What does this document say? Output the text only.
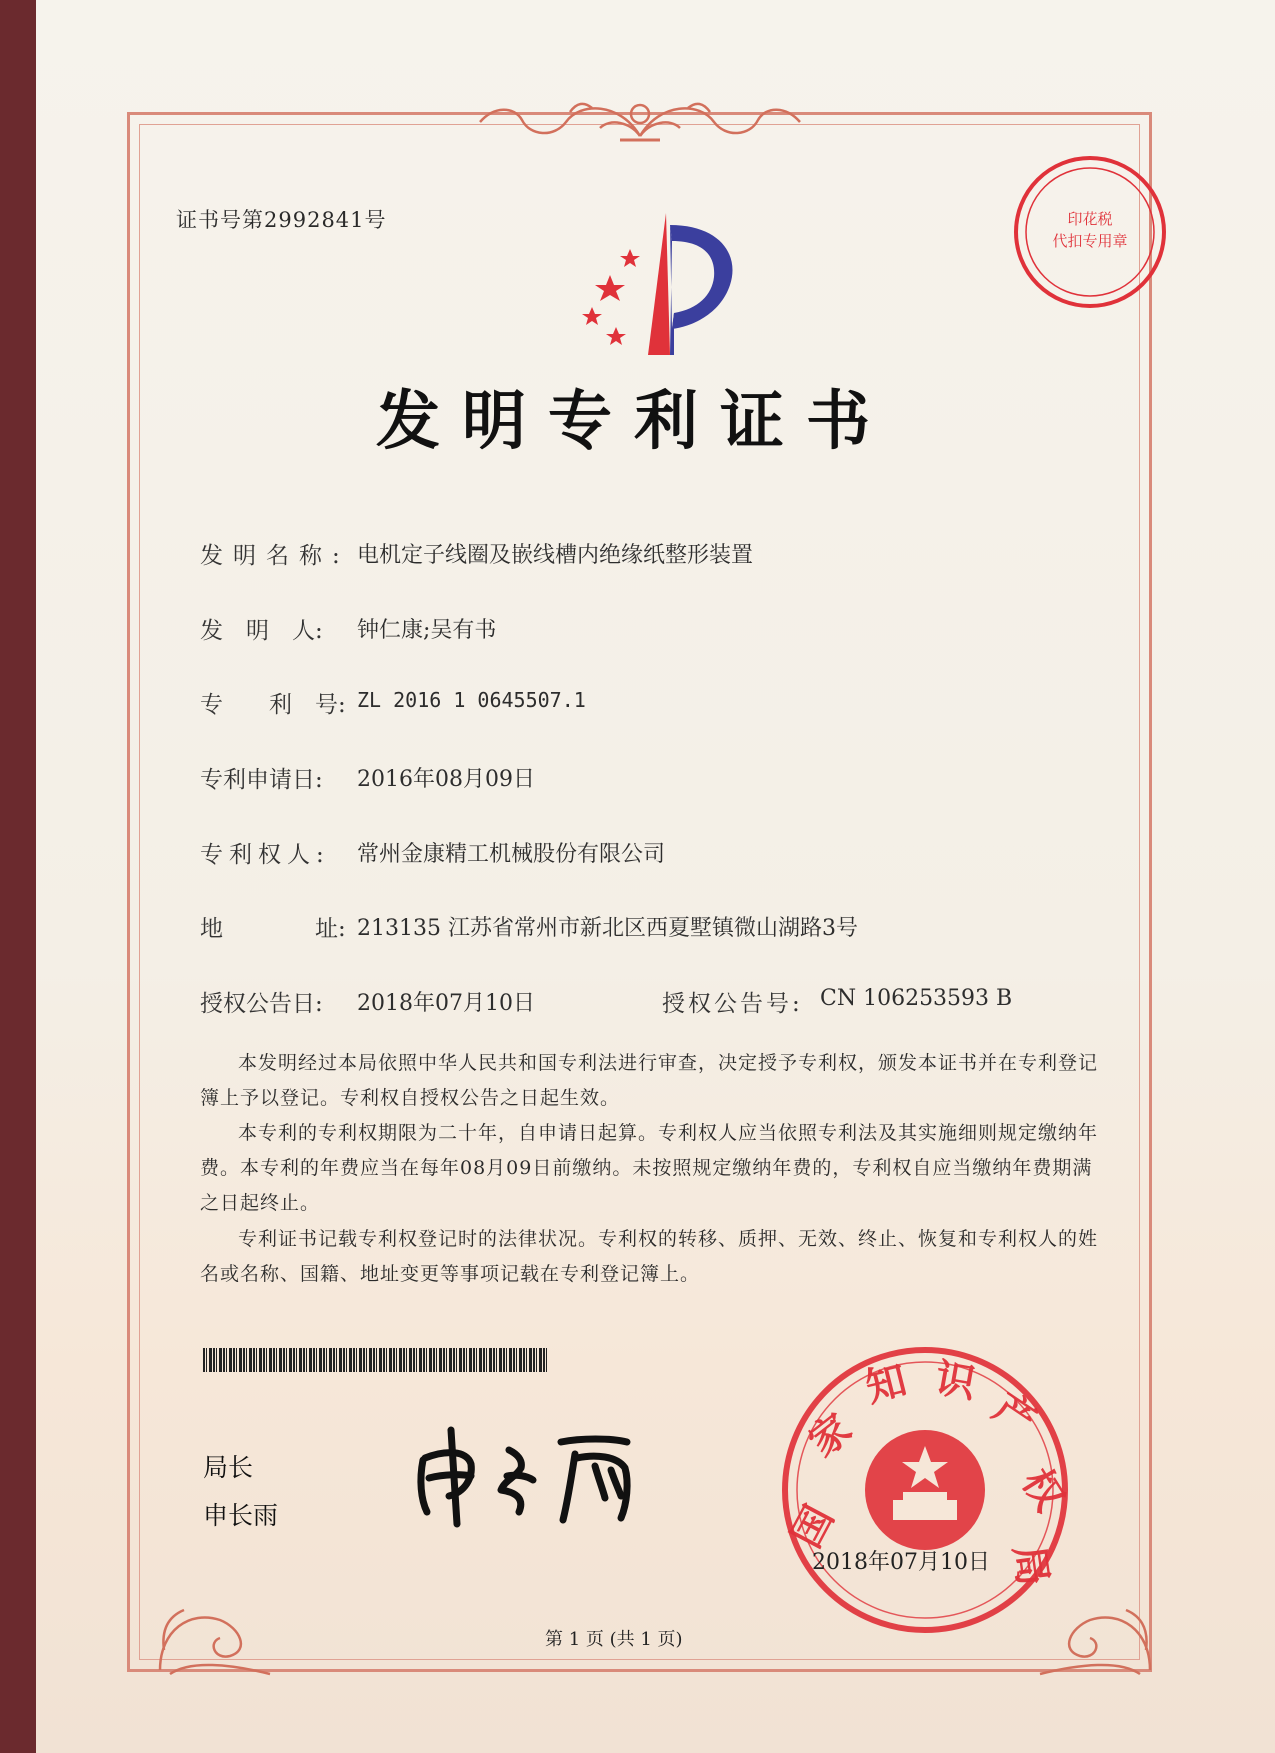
证书号第2992841号	印花税
代扣专用章
发明专利证书
发明名称: 电机定子线圈及嵌线槽内绝缘纸整形装置
发　明　人: 钟仁康;吴有书
专　　利　号: ZL 2016 1 0645507.1
专利申请日: 2016年08月09日
专利权人: 常州金康精工机械股份有限公司
地　　　　址: 213135 江苏省常州市新北区西夏墅镇微山湖路3号
授权公告日: 2018年07月10日	授权公告号: CN 106253593 B
本发明经过本局依照中华人民共和国专利法进行审查，决定授予专利权，颁发本证书并在专利登记簿上予以登记。专利权自授权公告之日起生效。
本专利的专利权期限为二十年，自申请日起算。专利权人应当依照专利法及其实施细则规定缴纳年费。本专利的年费应当在每年08月09日前缴纳。未按照规定缴纳年费的，专利权自应当缴纳年费期满之日起终止。
专利证书记载专利权登记时的法律状况。专利权的转移、质押、无效、终止、恢复和专利权人的姓名或名称、国籍、地址变更等事项记载在专利登记簿上。
局长
申长雨	国
家
知 识
产
权
局
2018年07月10日
第 1 页 (共 1 页)
